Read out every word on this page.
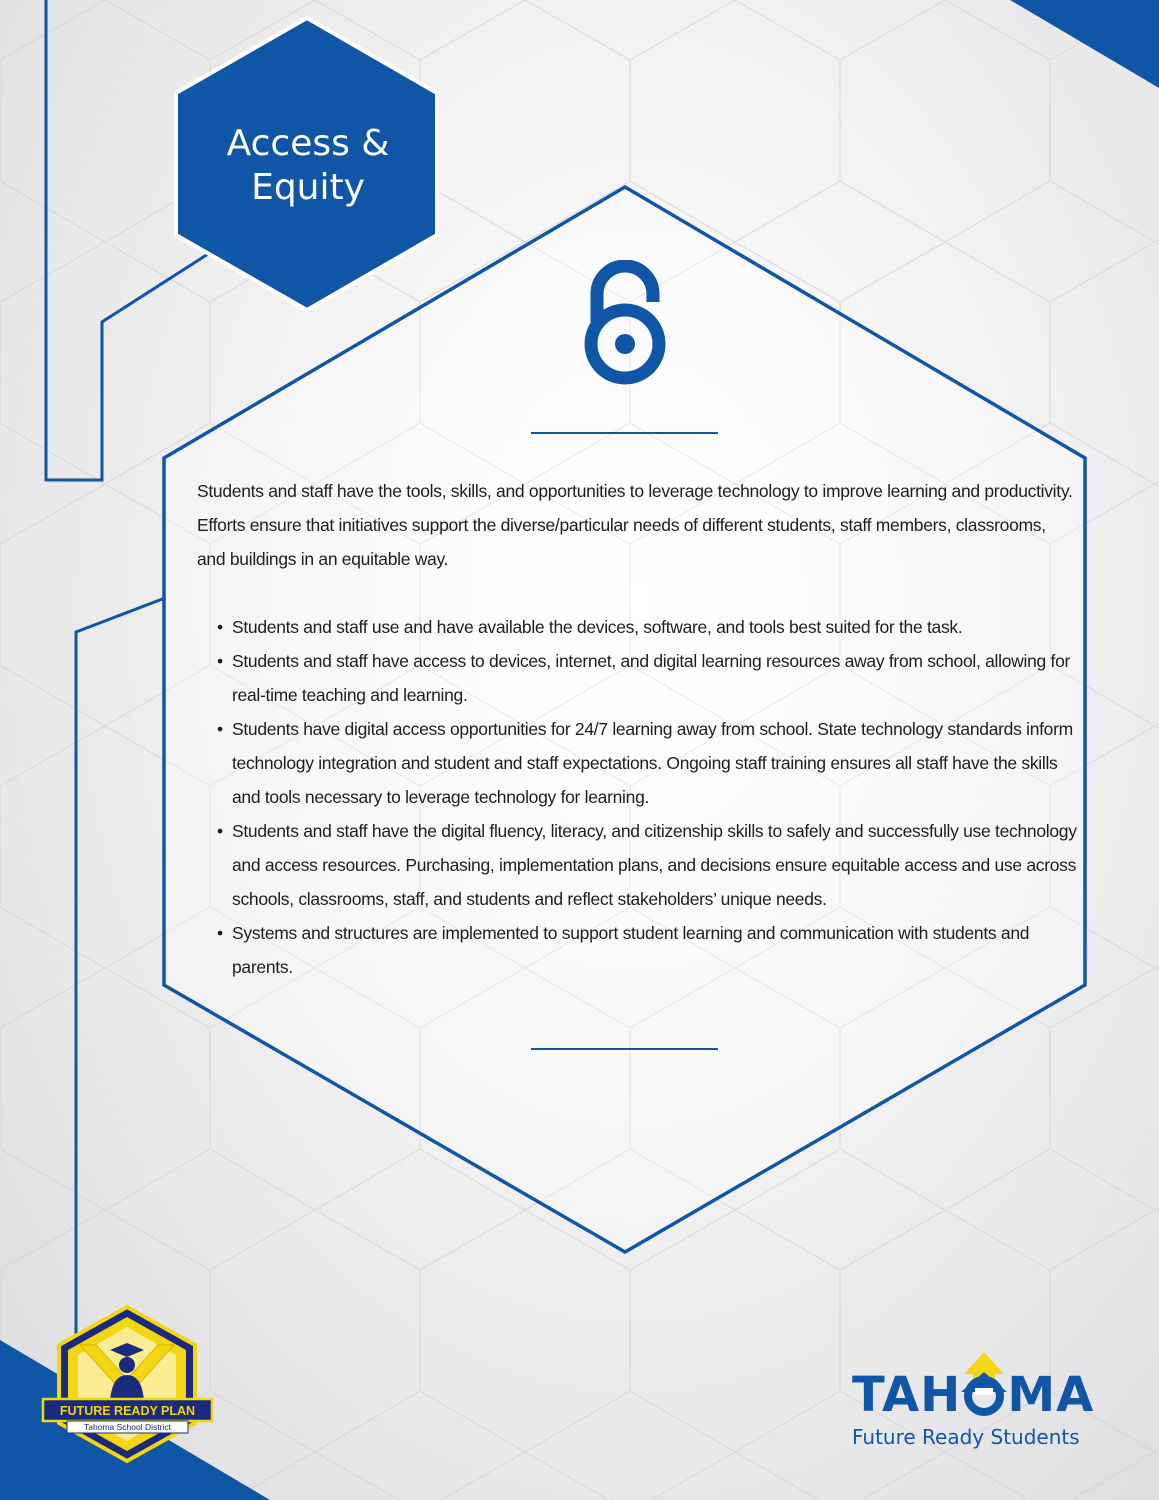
Access &
Equity

Students and staff have the tools, skills, and opportunities to leverage technology to improve learning and productivity. Efforts ensure that initiatives support the diverse/particular needs of different students, staff members, classrooms, and buildings in an equitable way.

• Students and staff use and have available the devices, software, and tools best suited for the task.
• Students and staff have access to devices, internet, and digital learning resources away from school, allowing for real-time teaching and learning.
• Students have digital access opportunities for 24/7 learning away from school. State technology standards inform technology integration and student and staff expectations. Ongoing staff training ensures all staff have the skills and tools necessary to leverage technology for learning.
• Students and staff have the digital fluency, literacy, and citizenship skills to safely and successfully use technology and access resources. Purchasing, implementation plans, and decisions ensure equitable access and use across schools, classrooms, staff, and students and reflect stakeholders’ unique needs.
• Systems and structures are implemented to support student learning and communication with students and parents.
FUTURE READY PLAN
Tahoma School District
TAH MA
Future Ready Students
